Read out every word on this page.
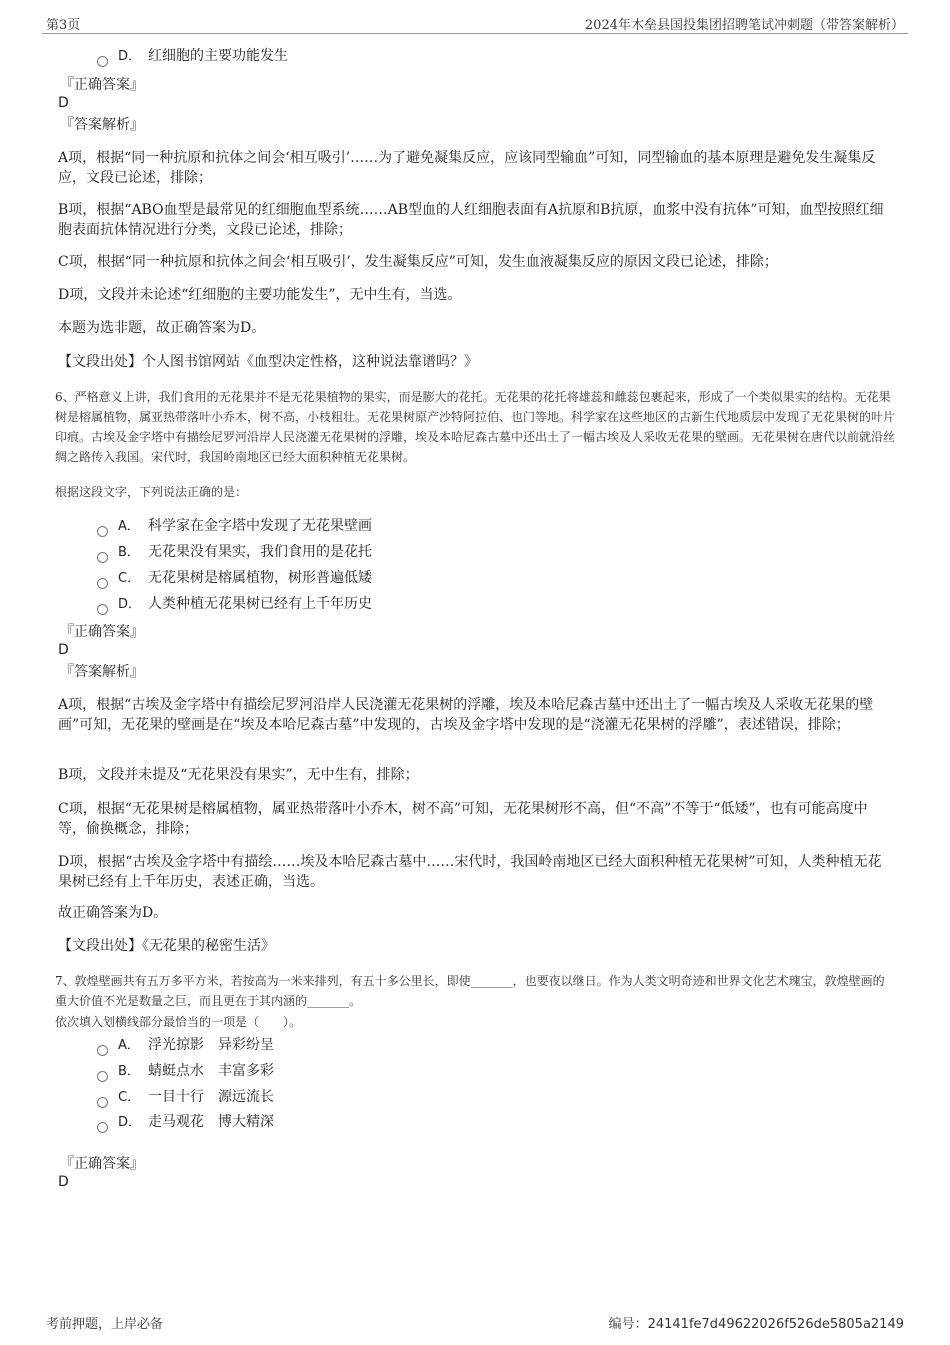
第3页	2024年木垒县国投集团招聘笔试冲刺题（带答案解析）
D． 红细胞的主要功能发生
『正确答案』
D
『答案解析』
A项，根据“同一种抗原和抗体之间会‘相互吸引’……为了避免凝集反应，应该同型输血”可知，同型输血的基本原理是避免发生凝集反应，文段已论述，排除；
B项，根据“ABO血型是最常见的红细胞血型系统……AB型血的人红细胞表面有A抗原和B抗原，血浆中没有抗体”可知，血型按照红细胞表面抗体情况进行分类，文段已论述，排除；
C项，根据“同一种抗原和抗体之间会‘相互吸引’，发生凝集反应”可知，发生血液凝集反应的原因文段已论述，排除；
D项，文段并未论述“红细胞的主要功能发生”，无中生有，当选。
本题为选非题，故正确答案为D。
【文段出处】个人图书馆网站《血型决定性格，这种说法靠谱吗？》
6、严格意义上讲，我们食用的无花果并不是无花果植物的果实，而是膨大的花托。无花果的花托将雄蕊和雌蕊包裹起来，形成了一个类似果实的结构。无花果树是榕属植物，属亚热带落叶小乔木，树不高，小枝粗壮。无花果树原产沙特阿拉伯、也门等地。科学家在这些地区的古新生代地质层中发现了无花果树的叶片印痕。古埃及金字塔中有描绘尼罗河沿岸人民浇灌无花果树的浮雕，埃及本哈尼森古墓中还出土了一幅古埃及人采收无花果的壁画。无花果树在唐代以前就沿丝绸之路传入我国。宋代时，我国岭南地区已经大面积种植无花果树。
根据这段文字，下列说法正确的是：
A． 科学家在金字塔中发现了无花果壁画
B． 无花果没有果实，我们食用的是花托
C． 无花果树是榕属植物，树形普遍低矮
D． 人类种植无花果树已经有上千年历史
『正确答案』
D
『答案解析』
A项，根据“古埃及金字塔中有描绘尼罗河沿岸人民浇灌无花果树的浮雕，埃及本哈尼森古墓中还出土了一幅古埃及人采收无花果的壁画”可知，无花果的壁画是在“埃及本哈尼森古墓”中发现的，古埃及金字塔中发现的是“浇灌无花果树的浮雕”，表述错误，排除；
B项，文段并未提及“无花果没有果实”，无中生有，排除；
C项，根据“无花果树是榕属植物，属亚热带落叶小乔木，树不高”可知，无花果树形不高，但“不高”不等于“低矮”，也有可能高度中等，偷换概念，排除；
D项，根据“古埃及金字塔中有描绘……埃及本哈尼森古墓中……宋代时，我国岭南地区已经大面积种植无花果树”可知，人类种植无花果树已经有上千年历史，表述正确，当选。
故正确答案为D。
【文段出处】《无花果的秘密生活》
7、敦煌壁画共有五万多平方米，若按高为一米来排列，有五十多公里长，即使_______，也要夜以继日。作为人类文明奇迹和世界文化艺术瑰宝，敦煌壁画的重大价值不光是数量之巨，而且更在于其内涵的_______。
依次填入划横线部分最恰当的一项是（　　）。
A． 浮光掠影　异彩纷呈
B． 蜻蜓点水　丰富多彩
C． 一目十行　源远流长
D． 走马观花　博大精深
『正确答案』
D
考前押题，上岸必备	编号：24141fe7d49622026f526de5805a2149
